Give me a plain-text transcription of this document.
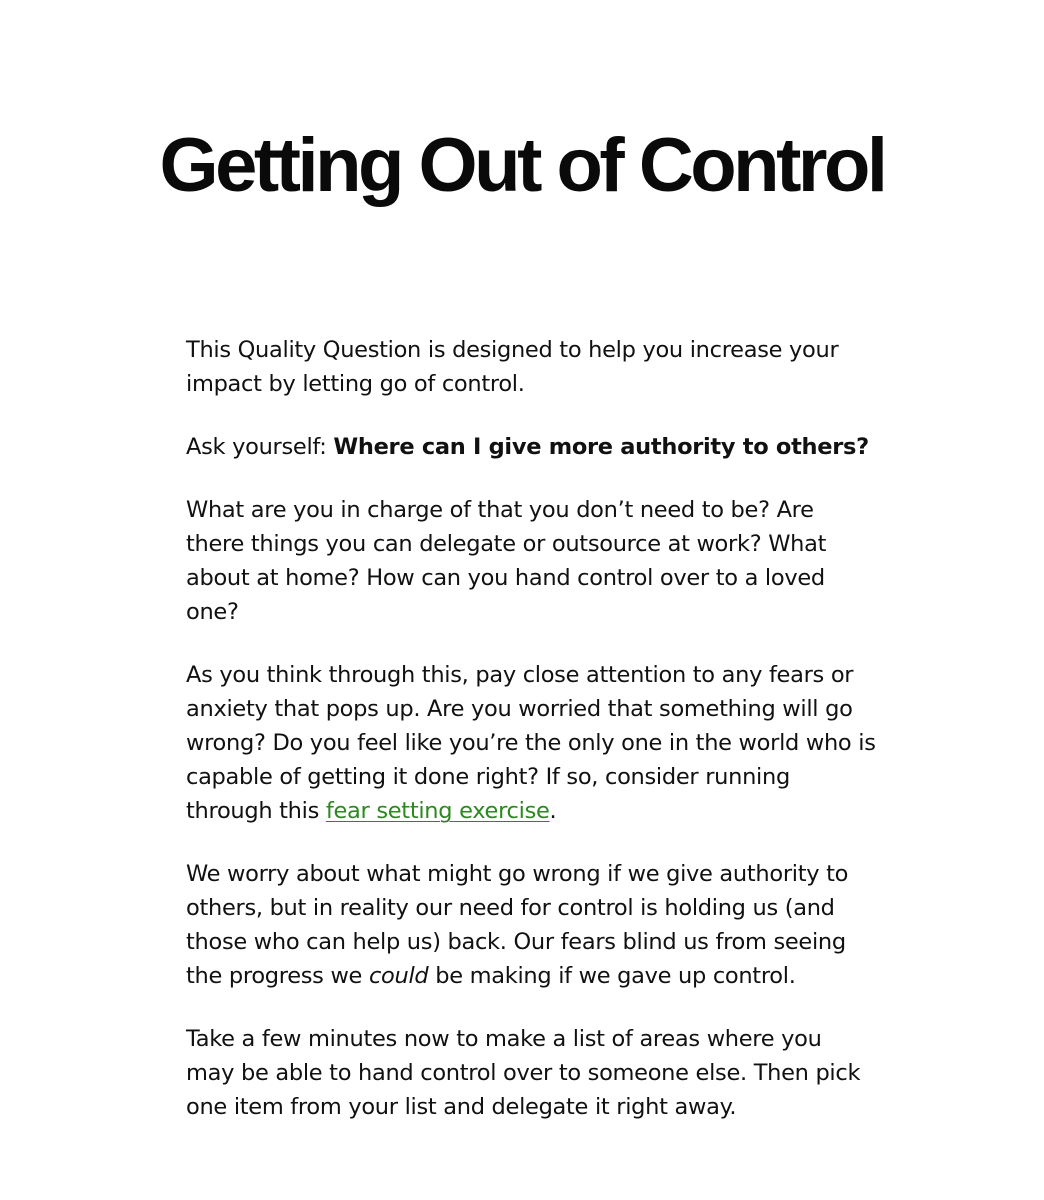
Getting Out of Control

This Quality Question is designed to help you increase your impact by letting go of control.

Ask yourself: Where can I give more authority to others?

What are you in charge of that you don’t need to be? Are there things you can delegate or outsource at work? What about at home? How can you hand control over to a loved one?

As you think through this, pay close attention to any fears or anxiety that pops up. Are you worried that something will go wrong? Do you feel like you’re the only one in the world who is capable of getting it done right? If so, consider running through this fear setting exercise.

We worry about what might go wrong if we give authority to others, but in reality our need for control is holding us (and those who can help us) back. Our fears blind us from seeing the progress we could be making if we gave up control.

Take a few minutes now to make a list of areas where you may be able to hand control over to someone else. Then pick one item from your list and delegate it right away.
